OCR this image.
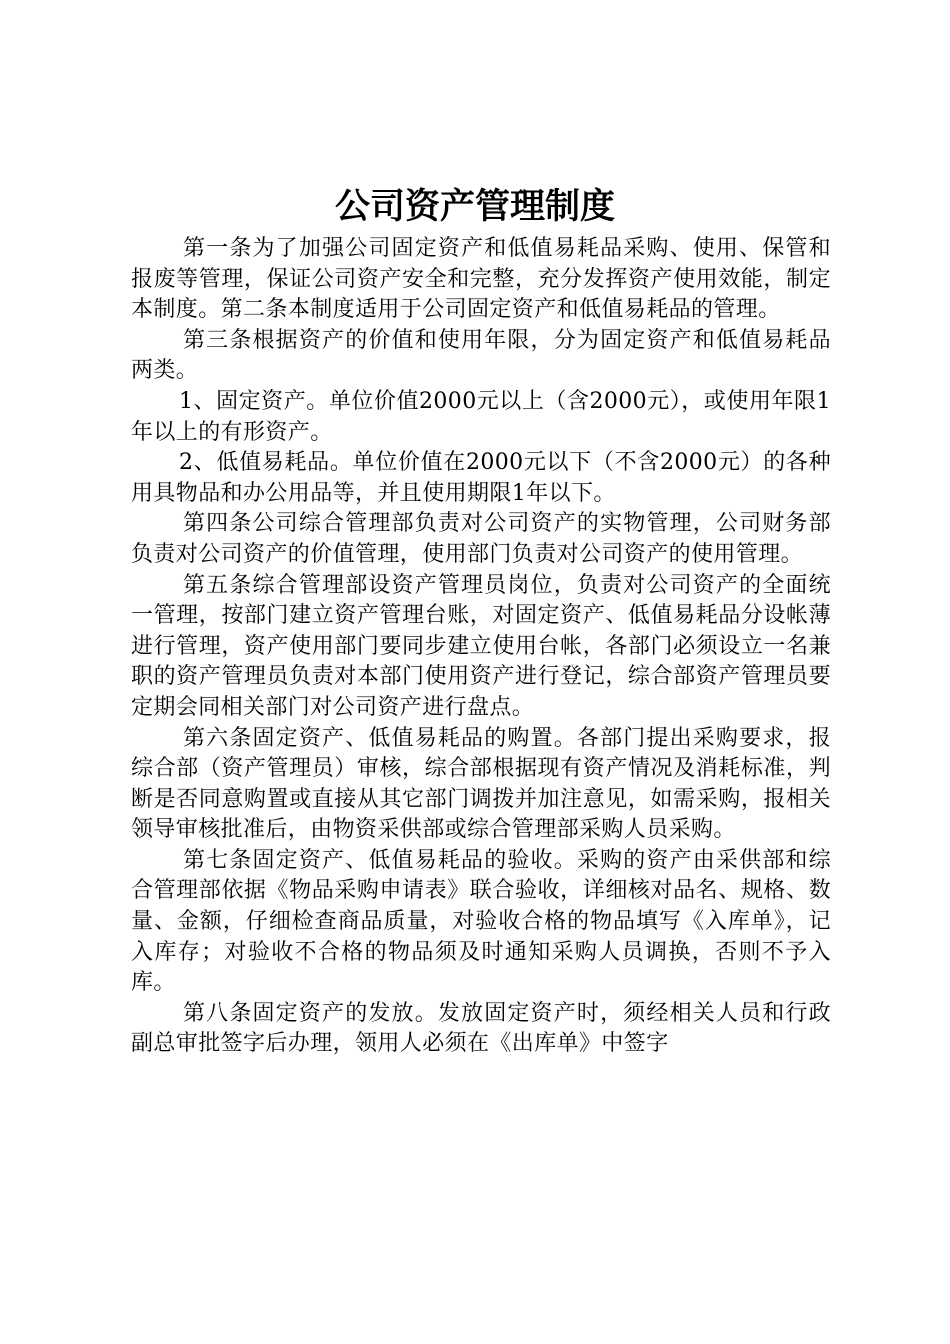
公司资产管理制度

第一条为了加强公司固定资产和低值易耗品采购、使用、保管和报废等管理，保证公司资产安全和完整，充分发挥资产使用效能，制定本制度。第二条本制度适用于公司固定资产和低值易耗品的管理。

第三条根据资产的价值和使用年限，分为固定资产和低值易耗品两类。

1、固定资产。单位价值2000元以上（含2000元），或使用年限1年以上的有形资产。

2、低值易耗品。单位价值在2000元以下（不含2000元）的各种用具物品和办公用品等，并且使用期限1年以下。

第四条公司综合管理部负责对公司资产的实物管理，公司财务部负责对公司资产的价值管理，使用部门负责对公司资产的使用管理。

第五条综合管理部设资产管理员岗位，负责对公司资产的全面统一管理，按部门建立资产管理台账，对固定资产、低值易耗品分设帐薄进行管理，资产使用部门要同步建立使用台帐，各部门必须设立一名兼职的资产管理员负责对本部门使用资产进行登记，综合部资产管理员要定期会同相关部门对公司资产进行盘点。

第六条固定资产、低值易耗品的购置。各部门提出采购要求，报综合部（资产管理员）审核，综合部根据现有资产情况及消耗标准，判断是否同意购置或直接从其它部门调拨并加注意见，如需采购，报相关领导审核批准后，由物资采供部或综合管理部采购人员采购。

第七条固定资产、低值易耗品的验收。采购的资产由采供部和综合管理部依据《物品采购申请表》联合验收，详细核对品名、规格、数量、金额，仔细检查商品质量，对验收合格的物品填写《入库单》，记入库存；对验收不合格的物品须及时通知采购人员调换，否则不予入库。

第八条固定资产的发放。发放固定资产时，须经相关人员和行政副总审批签字后办理，领用人必须在《出库单》中签字
